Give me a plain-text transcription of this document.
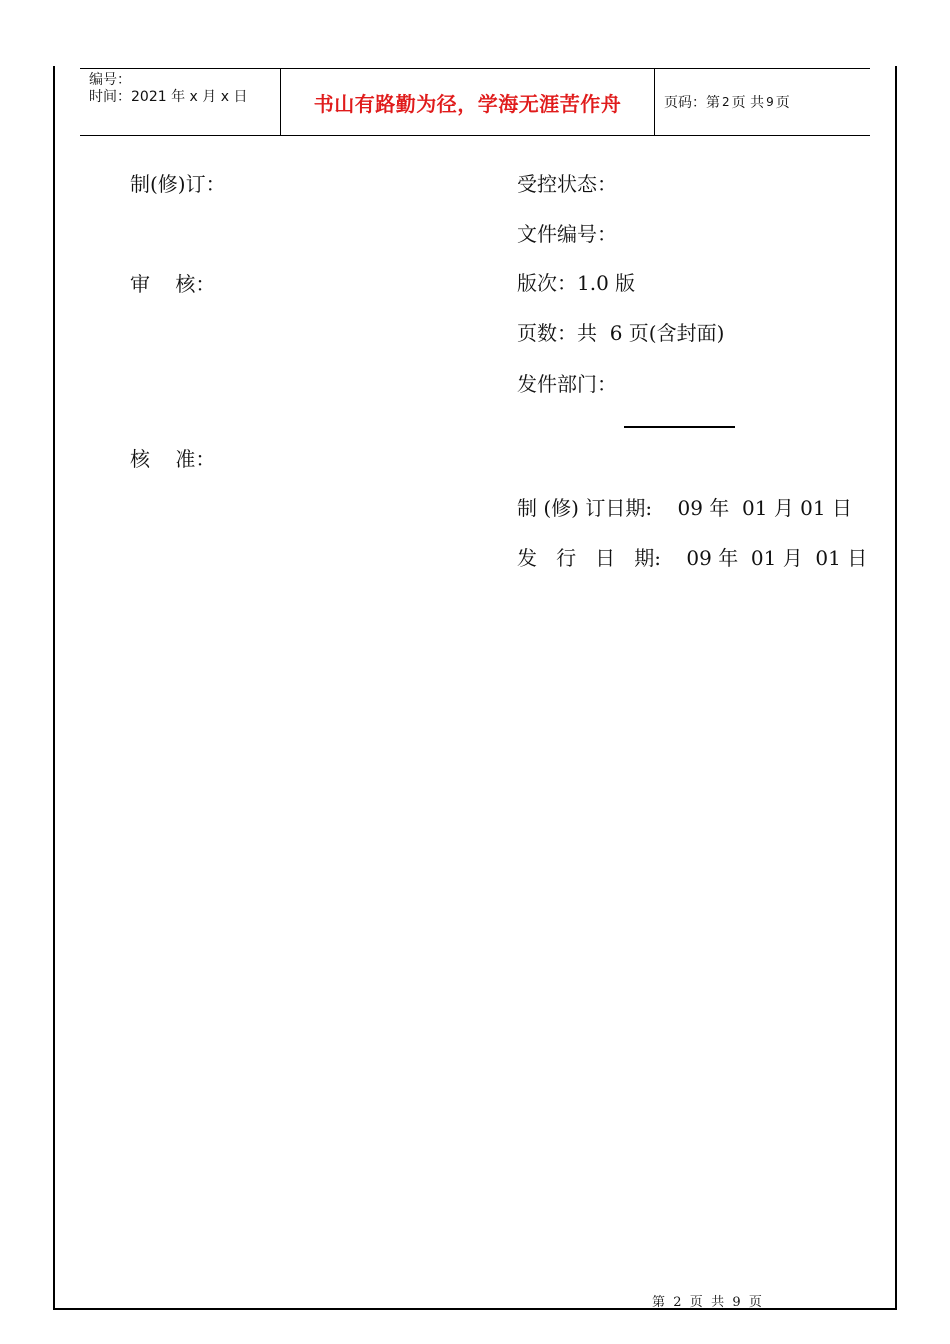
编号：
时间：2021 年 x 月 x 日	书山有路勤为径，学海无涯苦作舟	页码：第 2 页 共 9 页
制(修)订：
审    核：
核    准：
受控状态：
文件编号：
版次：1.0 版
页数：共  6 页(含封面)
发件部门：
制 (修) 订日期:    09 年  01 月 01 日
发   行   日   期:    09 年  01 月  01 日

第  2  页  共  9  页
